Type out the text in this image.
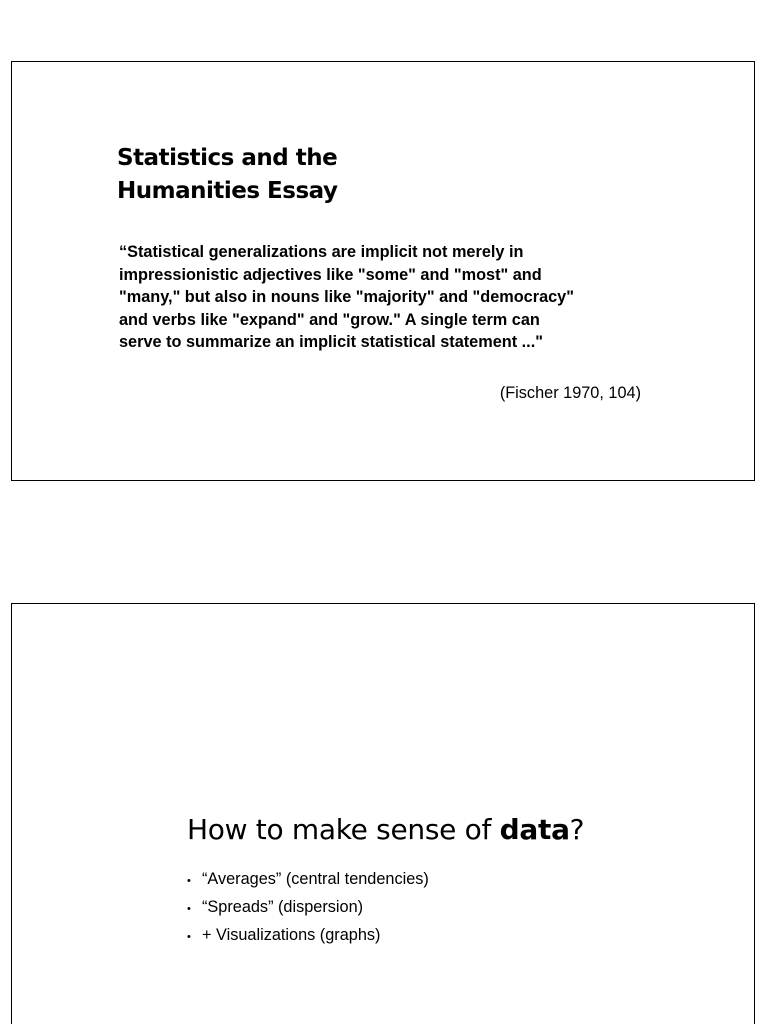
Statistics and the
Humanities Essay

“Statistical generalizations are implicit not merely in
impressionistic adjectives like "some" and "most" and
"many," but also in nouns like "majority" and "democracy"
and verbs like "expand" and "grow." A single term can
serve to summarize an implicit statistical statement ..."

(Fischer 1970, 104)

How to make sense of data?
• “Averages” (central tendencies)
• “Spreads” (dispersion)
• + Visualizations (graphs)
